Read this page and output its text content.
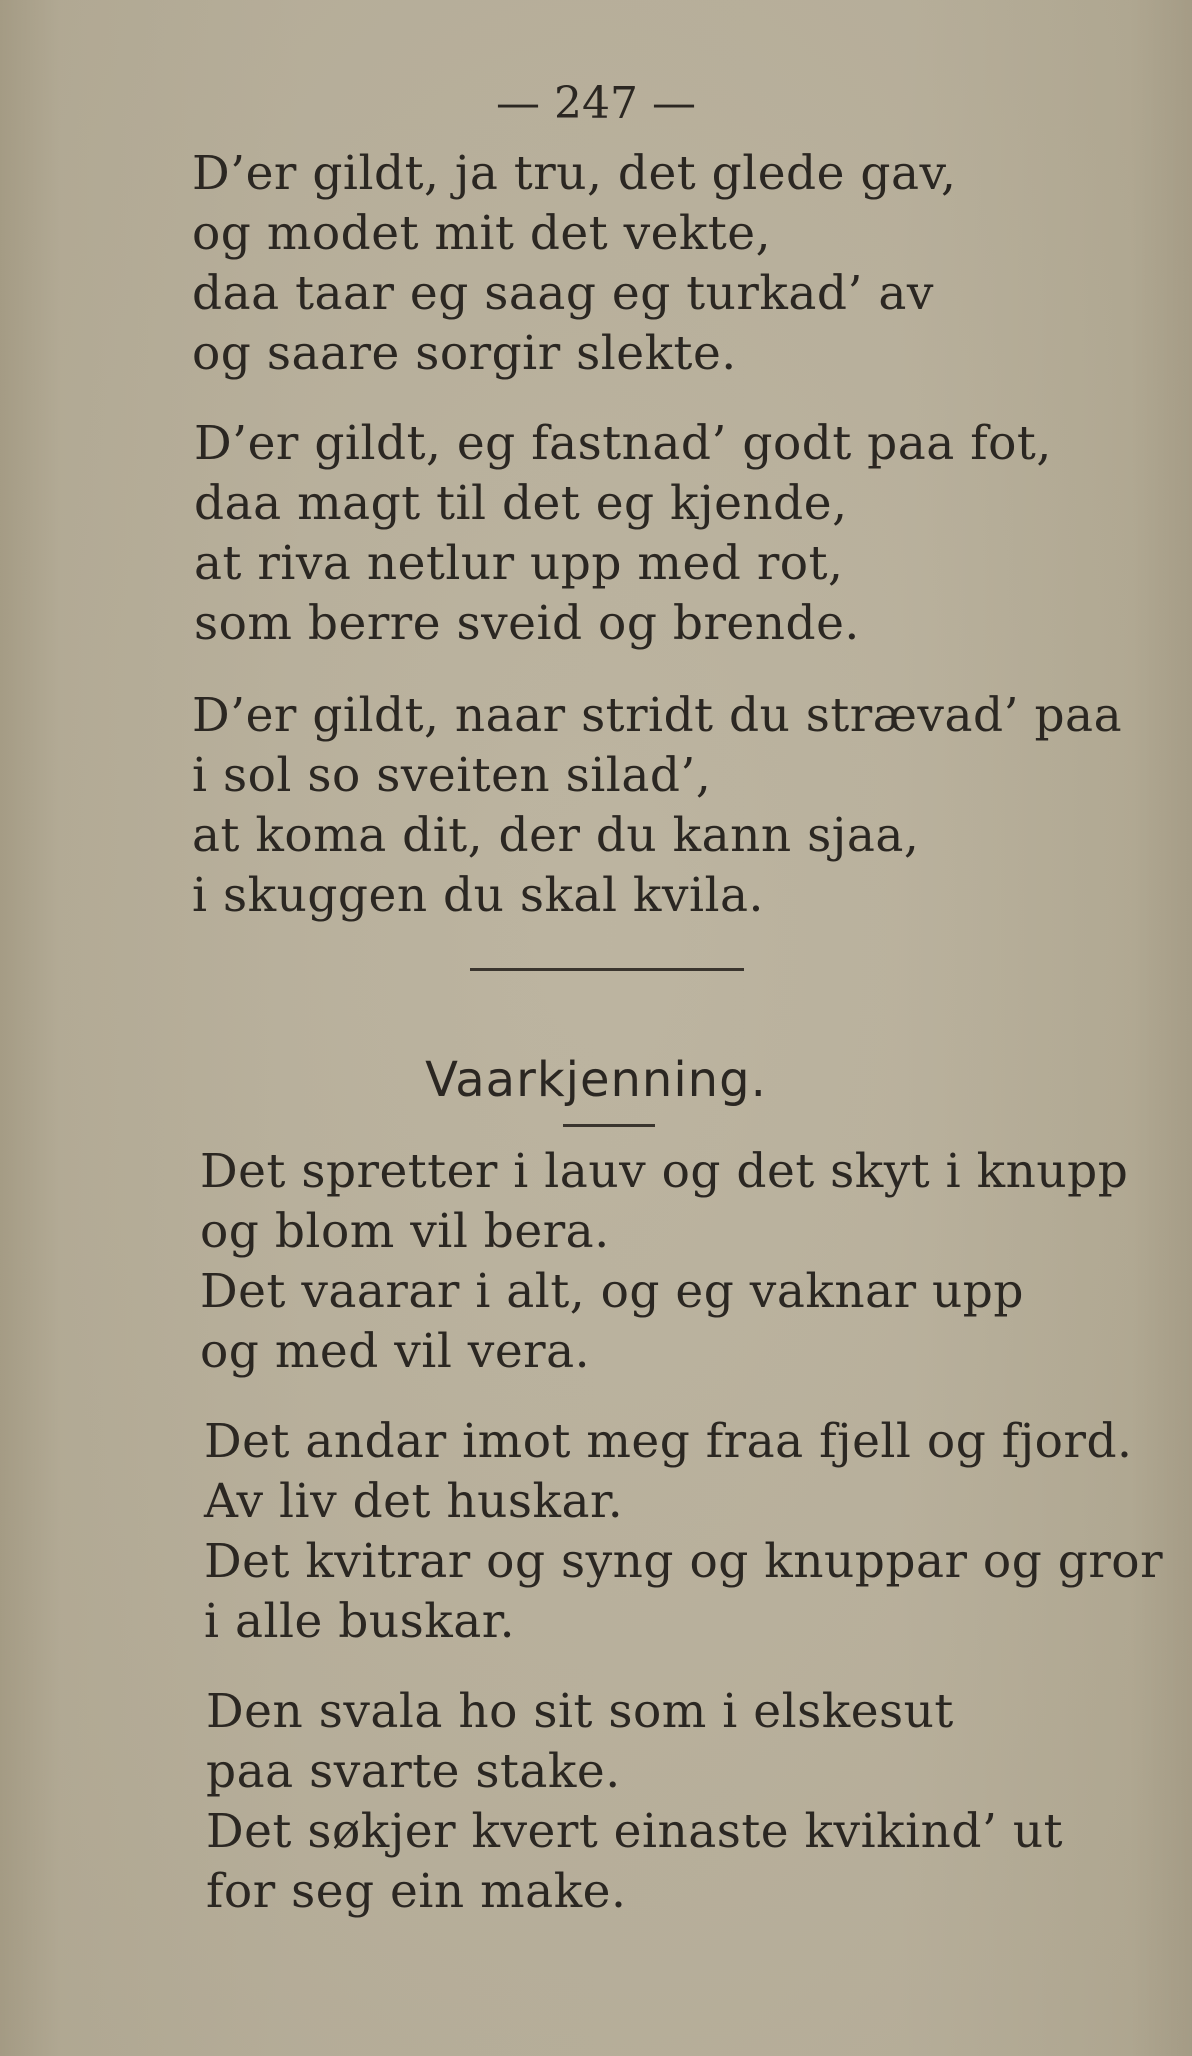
— 247 —
D’er gildt, ja tru, det glede gav,
og modet mit det vekte,
daa taar eg saag eg turkad’ av
og saare sorgir slekte.
D’er gildt, eg fastnad’ godt paa fot,
daa magt til det eg kjende,
at riva netlur upp med rot,
som berre sveid og brende.
D’er gildt, naar stridt du strævad’ paa
i sol so sveiten silad’,
at koma dit, der du kann sjaa,
i skuggen du skal kvila.
Vaarkjenning.
Det spretter i lauv og det skyt i knupp
og blom vil bera.
Det vaarar i alt, og eg vaknar upp
og med vil vera.
Det andar imot meg fraa fjell og fjord.
Av liv det huskar.
Det kvitrar og syng og knuppar og gror
i alle buskar.
Den svala ho sit som i elskesut
paa svarte stake.
Det søkjer kvert einaste kvikind’ ut
for seg ein make.
